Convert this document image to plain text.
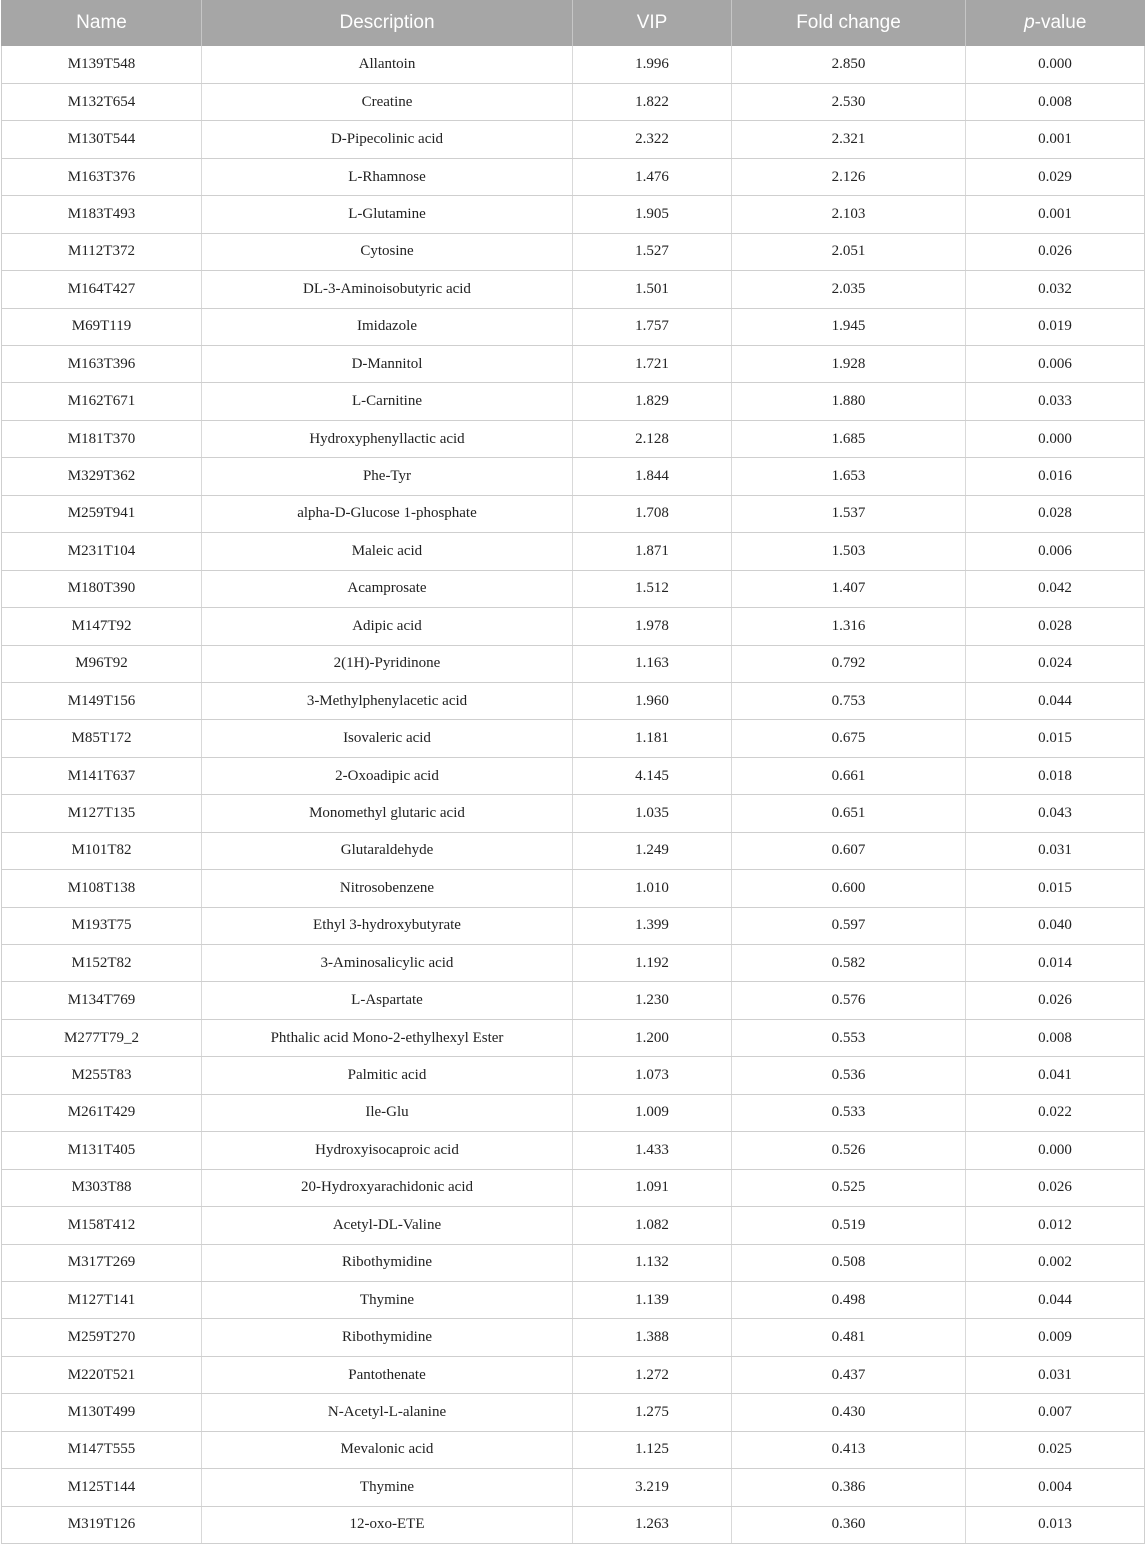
Name	Description	VIP	Fold change	p-value
M139T548	Allantoin	1.996	2.850	0.000
M132T654	Creatine	1.822	2.530	0.008
M130T544	D-Pipecolinic acid	2.322	2.321	0.001
M163T376	L-Rhamnose	1.476	2.126	0.029
M183T493	L-Glutamine	1.905	2.103	0.001
M112T372	Cytosine	1.527	2.051	0.026
M164T427	DL-3-Aminoisobutyric acid	1.501	2.035	0.032
M69T119	Imidazole	1.757	1.945	0.019
M163T396	D-Mannitol	1.721	1.928	0.006
M162T671	L-Carnitine	1.829	1.880	0.033
M181T370	Hydroxyphenyllactic acid	2.128	1.685	0.000
M329T362	Phe-Tyr	1.844	1.653	0.016
M259T941	alpha-D-Glucose 1-phosphate	1.708	1.537	0.028
M231T104	Maleic acid	1.871	1.503	0.006
M180T390	Acamprosate	1.512	1.407	0.042
M147T92	Adipic acid	1.978	1.316	0.028
M96T92	2(1H)-Pyridinone	1.163	0.792	0.024
M149T156	3-Methylphenylacetic acid	1.960	0.753	0.044
M85T172	Isovaleric acid	1.181	0.675	0.015
M141T637	2-Oxoadipic acid	4.145	0.661	0.018
M127T135	Monomethyl glutaric acid	1.035	0.651	0.043
M101T82	Glutaraldehyde	1.249	0.607	0.031
M108T138	Nitrosobenzene	1.010	0.600	0.015
M193T75	Ethyl 3-hydroxybutyrate	1.399	0.597	0.040
M152T82	3-Aminosalicylic acid	1.192	0.582	0.014
M134T769	L-Aspartate	1.230	0.576	0.026
M277T79_2	Phthalic acid Mono-2-ethylhexyl Ester	1.200	0.553	0.008
M255T83	Palmitic acid	1.073	0.536	0.041
M261T429	Ile-Glu	1.009	0.533	0.022
M131T405	Hydroxyisocaproic acid	1.433	0.526	0.000
M303T88	20-Hydroxyarachidonic acid	1.091	0.525	0.026
M158T412	Acetyl-DL-Valine	1.082	0.519	0.012
M317T269	Ribothymidine	1.132	0.508	0.002
M127T141	Thymine	1.139	0.498	0.044
M259T270	Ribothymidine	1.388	0.481	0.009
M220T521	Pantothenate	1.272	0.437	0.031
M130T499	N-Acetyl-L-alanine	1.275	0.430	0.007
M147T555	Mevalonic acid	1.125	0.413	0.025
M125T144	Thymine	3.219	0.386	0.004
M319T126	12-oxo-ETE	1.263	0.360	0.013
